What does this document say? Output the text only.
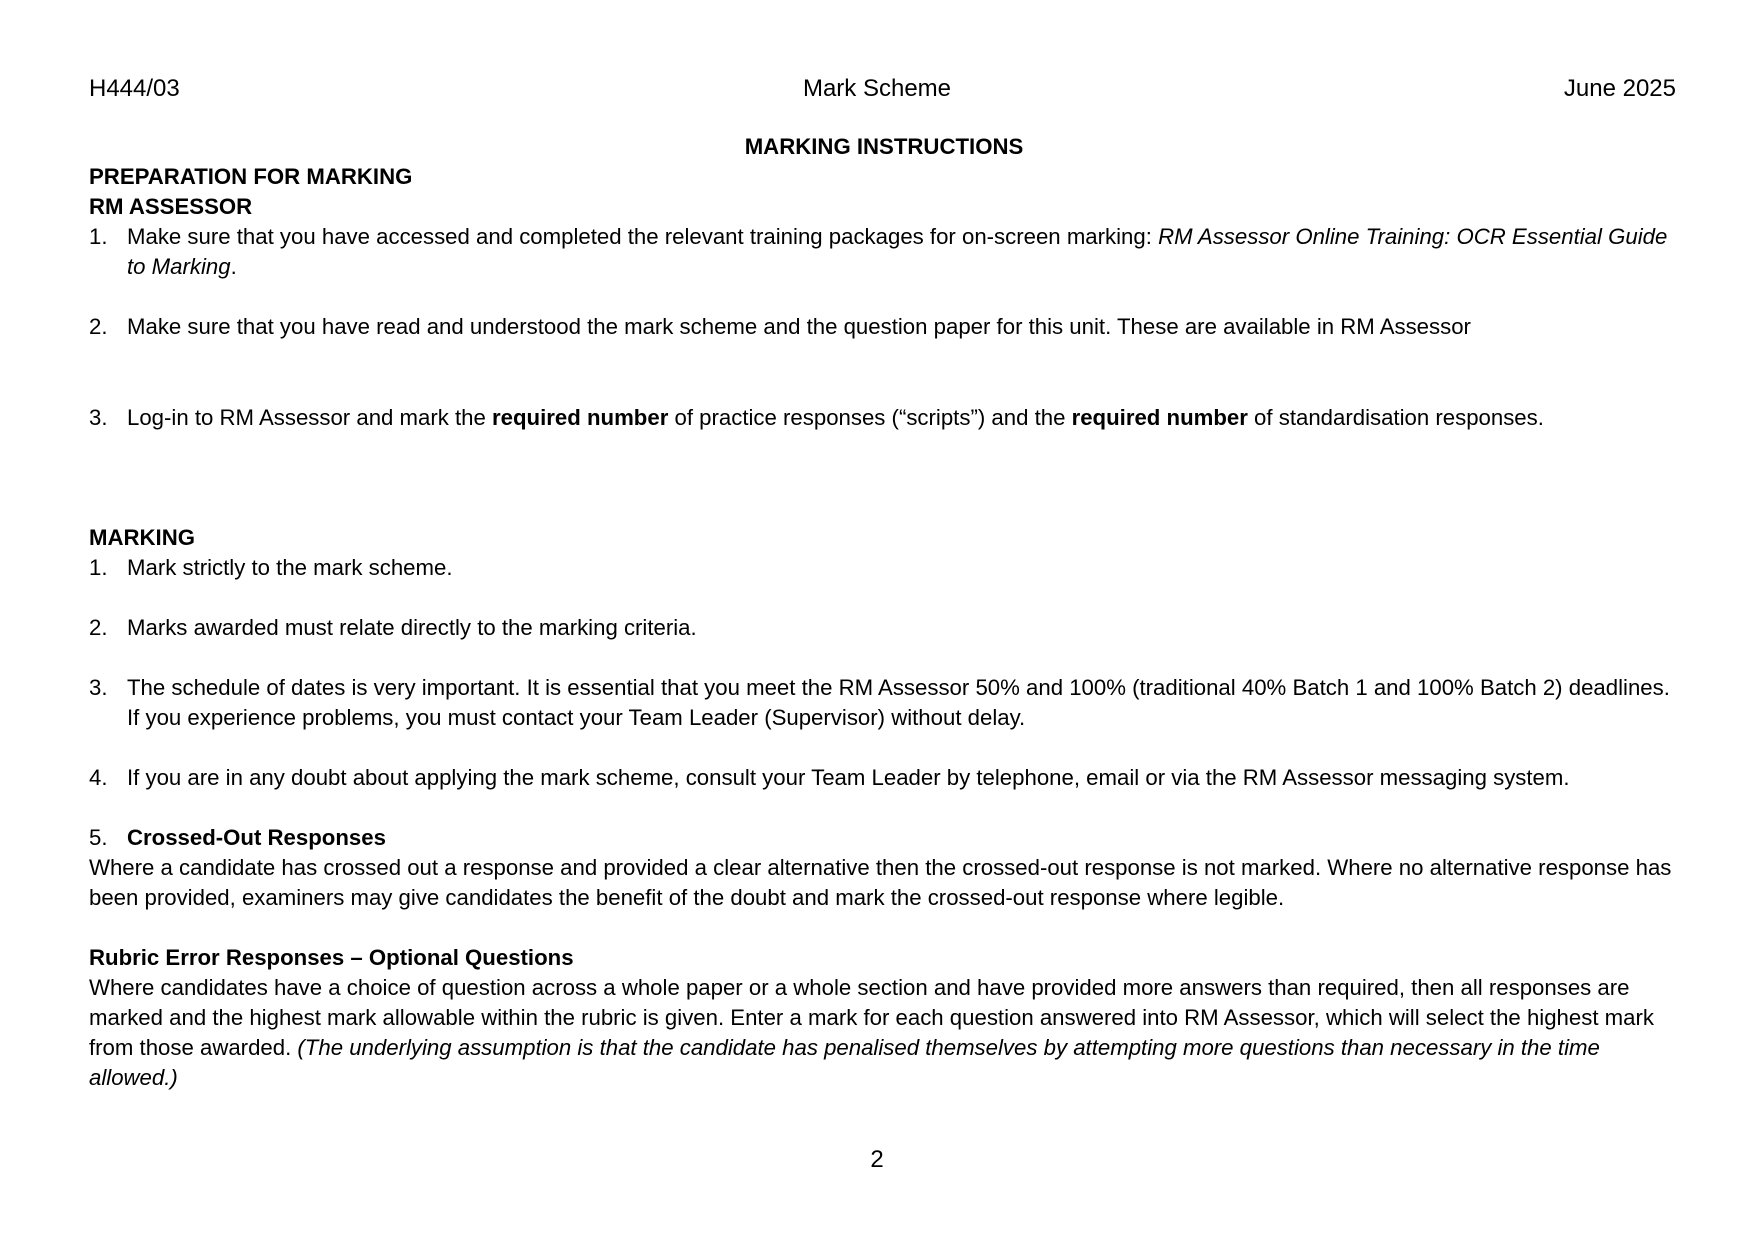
Mark Scheme
H444/03	June 2025
MARKING INSTRUCTIONS
PREPARATION FOR MARKING
RM ASSESSOR
1. Make sure that you have accessed and completed the relevant training packages for on-screen marking: RM Assessor Online Training: OCR Essential Guide to Marking.
2. Make sure that you have read and understood the mark scheme and the question paper for this unit. These are available in RM Assessor
3. Log-in to RM Assessor and mark the required number of practice responses (“scripts”) and the required number of standardisation responses.
MARKING
1. Mark strictly to the mark scheme.
2. Marks awarded must relate directly to the marking criteria.
3. The schedule of dates is very important. It is essential that you meet the RM Assessor 50% and 100% (traditional 40% Batch 1 and 100% Batch 2) deadlines. If you experience problems, you must contact your Team Leader (Supervisor) without delay.
4. If you are in any doubt about applying the mark scheme, consult your Team Leader by telephone, email or via the RM Assessor messaging system.
5. Crossed-Out Responses
Where a candidate has crossed out a response and provided a clear alternative then the crossed-out response is not marked. Where no alternative response has been provided, examiners may give candidates the benefit of the doubt and mark the crossed-out response where legible.
Rubric Error Responses – Optional Questions
Where candidates have a choice of question across a whole paper or a whole section and have provided more answers than required, then all responses are marked and the highest mark allowable within the rubric is given. Enter a mark for each question answered into RM Assessor, which will select the highest mark from those awarded. (The underlying assumption is that the candidate has penalised themselves by attempting more questions than necessary in the time allowed.)
2
